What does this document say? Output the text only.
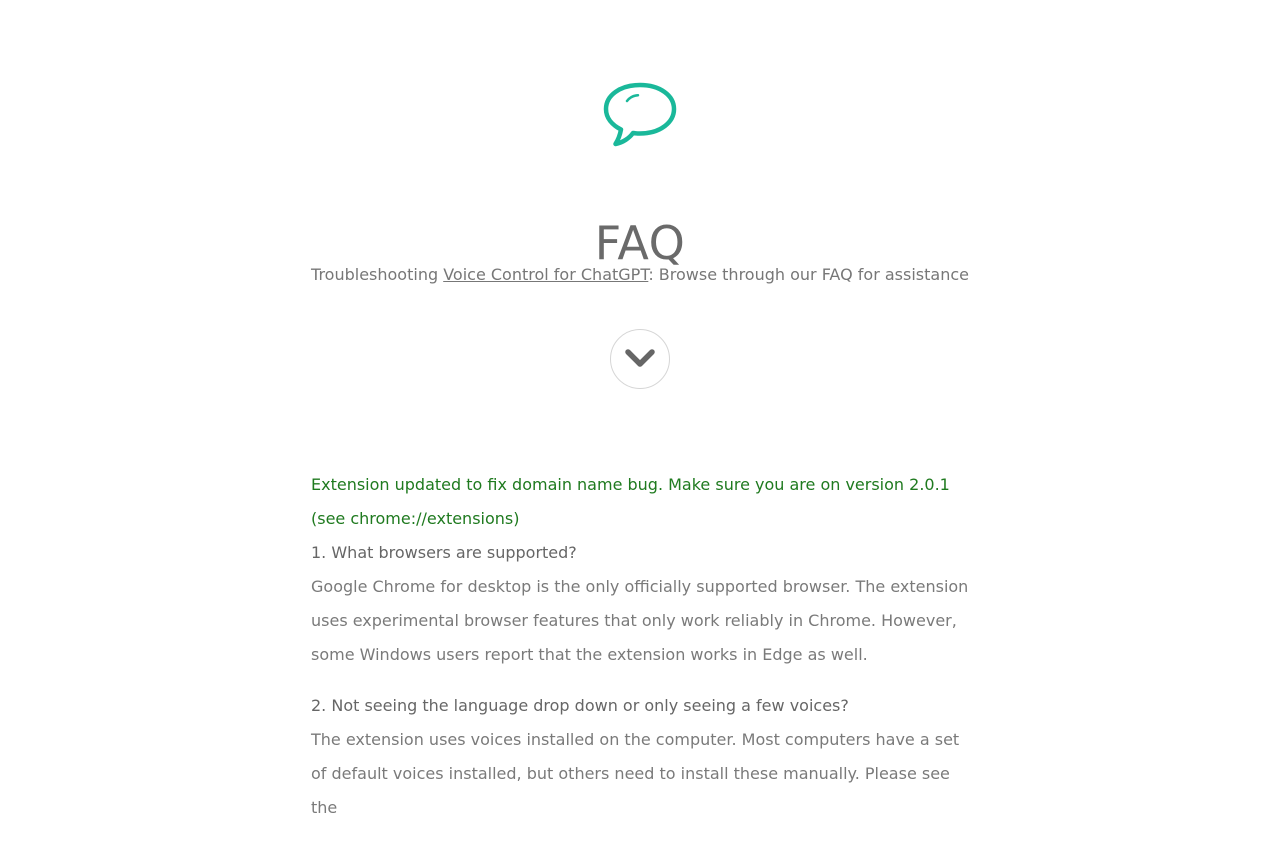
FAQ
Troubleshooting Voice Control for ChatGPT: Browse through our FAQ for assistance

Extension updated to fix domain name bug. Make sure you are on version 2.0.1 (see chrome://extensions)

1. What browsers are supported?

Google Chrome for desktop is the only officially supported browser. The extension uses experimental browser features that only work reliably in Chrome. However, some Windows users report that the extension works in Edge as well.

2. Not seeing the language drop down or only seeing a few voices?

The extension uses voices installed on the computer. Most computers have a set of default voices installed, but others need to install these manually. Please see the
